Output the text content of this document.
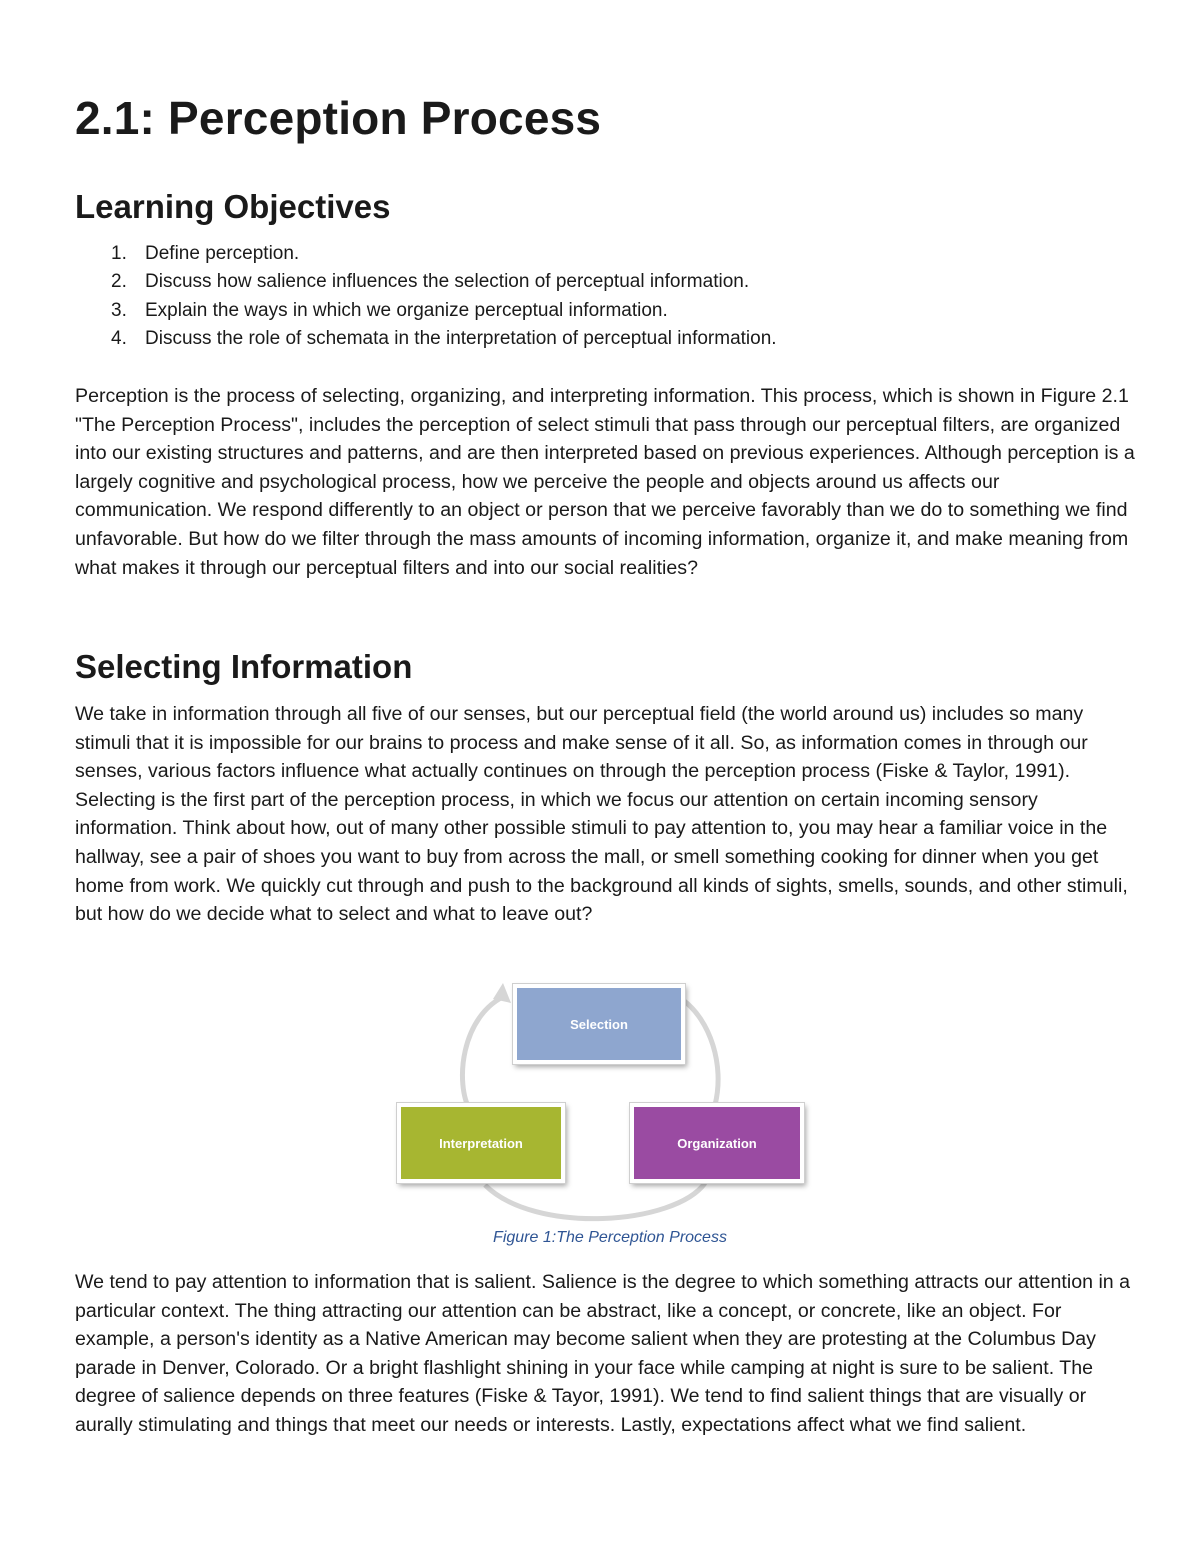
2.1: Perception Process
Learning Objectives
1. Define perception.
2. Discuss how salience influences the selection of perceptual information.
3. Explain the ways in which we organize perceptual information.
4. Discuss the role of schemata in the interpretation of perceptual information.

Perception is the process of selecting, organizing, and interpreting information. This process, which is shown in Figure 2.1 "The Perception Process", includes the perception of select stimuli that pass through our perceptual filters, are organized into our existing structures and patterns, and are then interpreted based on previous experiences. Although perception is a largely cognitive and psychological process, how we perceive the people and objects around us affects our communication. We respond differently to an object or person that we perceive favorably than we do to something we find unfavorable. But how do we filter through the mass amounts of incoming information, organize it, and make meaning from what makes it through our perceptual filters and into our social realities?

Selecting Information

We take in information through all five of our senses, but our perceptual field (the world around us) includes so many stimuli that it is impossible for our brains to process and make sense of it all. So, as information comes in through our senses, various factors influence what actually continues on through the perception process (Fiske & Taylor, 1991). Selecting is the first part of the perception process, in which we focus our attention on certain incoming sensory information. Think about how, out of many other possible stimuli to pay attention to, you may hear a familiar voice in the hallway, see a pair of shoes you want to buy from across the mall, or smell something cooking for dinner when you get home from work. We quickly cut through and push to the background all kinds of sights, smells, sounds, and other stimuli, but how do we decide what to select and what to leave out?

We tend to pay attention to information that is salient. Salience is the degree to which something attracts our attention in a particular context. The thing attracting our attention can be abstract, like a concept, or concrete, like an object. For example, a person's identity as a Native American may become salient when they are protesting at the Columbus Day parade in Denver, Colorado. Or a bright flashlight shining in your face while camping at night is sure to be salient. The degree of salience depends on three features (Fiske & Tayor, 1991). We tend to find salient things that are visually or aurally stimulating and things that meet our needs or interests. Lastly, expectations affect what we find salient.

Selection
Interpretation	Organization
Figure 1:The Perception Process
